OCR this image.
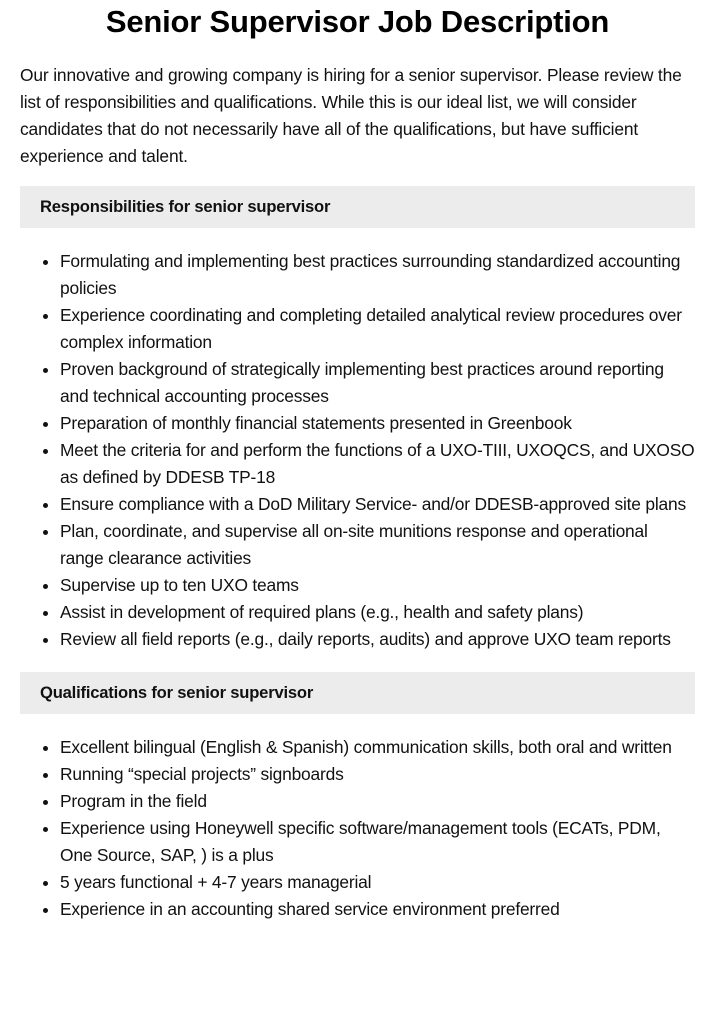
Senior Supervisor Job Description

Our innovative and growing company is hiring for a senior supervisor. Please review the list of responsibilities and qualifications. While this is our ideal list, we will consider candidates that do not necessarily have all of the qualifications, but have sufficient experience and talent.

Responsibilities for senior supervisor
• Formulating and implementing best practices surrounding standardized accounting policies
• Experience coordinating and completing detailed analytical review procedures over complex information
• Proven background of strategically implementing best practices around reporting and technical accounting processes
• Preparation of monthly financial statements presented in Greenbook
• Meet the criteria for and perform the functions of a UXO-TIII, UXOQCS, and UXOSO as defined by DDESB TP-18
• Ensure compliance with a DoD Military Service- and/or DDESB-approved site plans
• Plan, coordinate, and supervise all on-site munitions response and operational range clearance activities
• Supervise up to ten UXO teams
• Assist in development of required plans (e.g., health and safety plans)
• Review all field reports (e.g., daily reports, audits) and approve UXO team reports
Qualifications for senior supervisor
• Excellent bilingual (English & Spanish) communication skills, both oral and written
• Running “special projects” signboards
• Program in the field
• Experience using Honeywell specific software/management tools (ECATs, PDM, One Source, SAP, ) is a plus
• 5 years functional + 4-7 years managerial
• Experience in an accounting shared service environment preferred
